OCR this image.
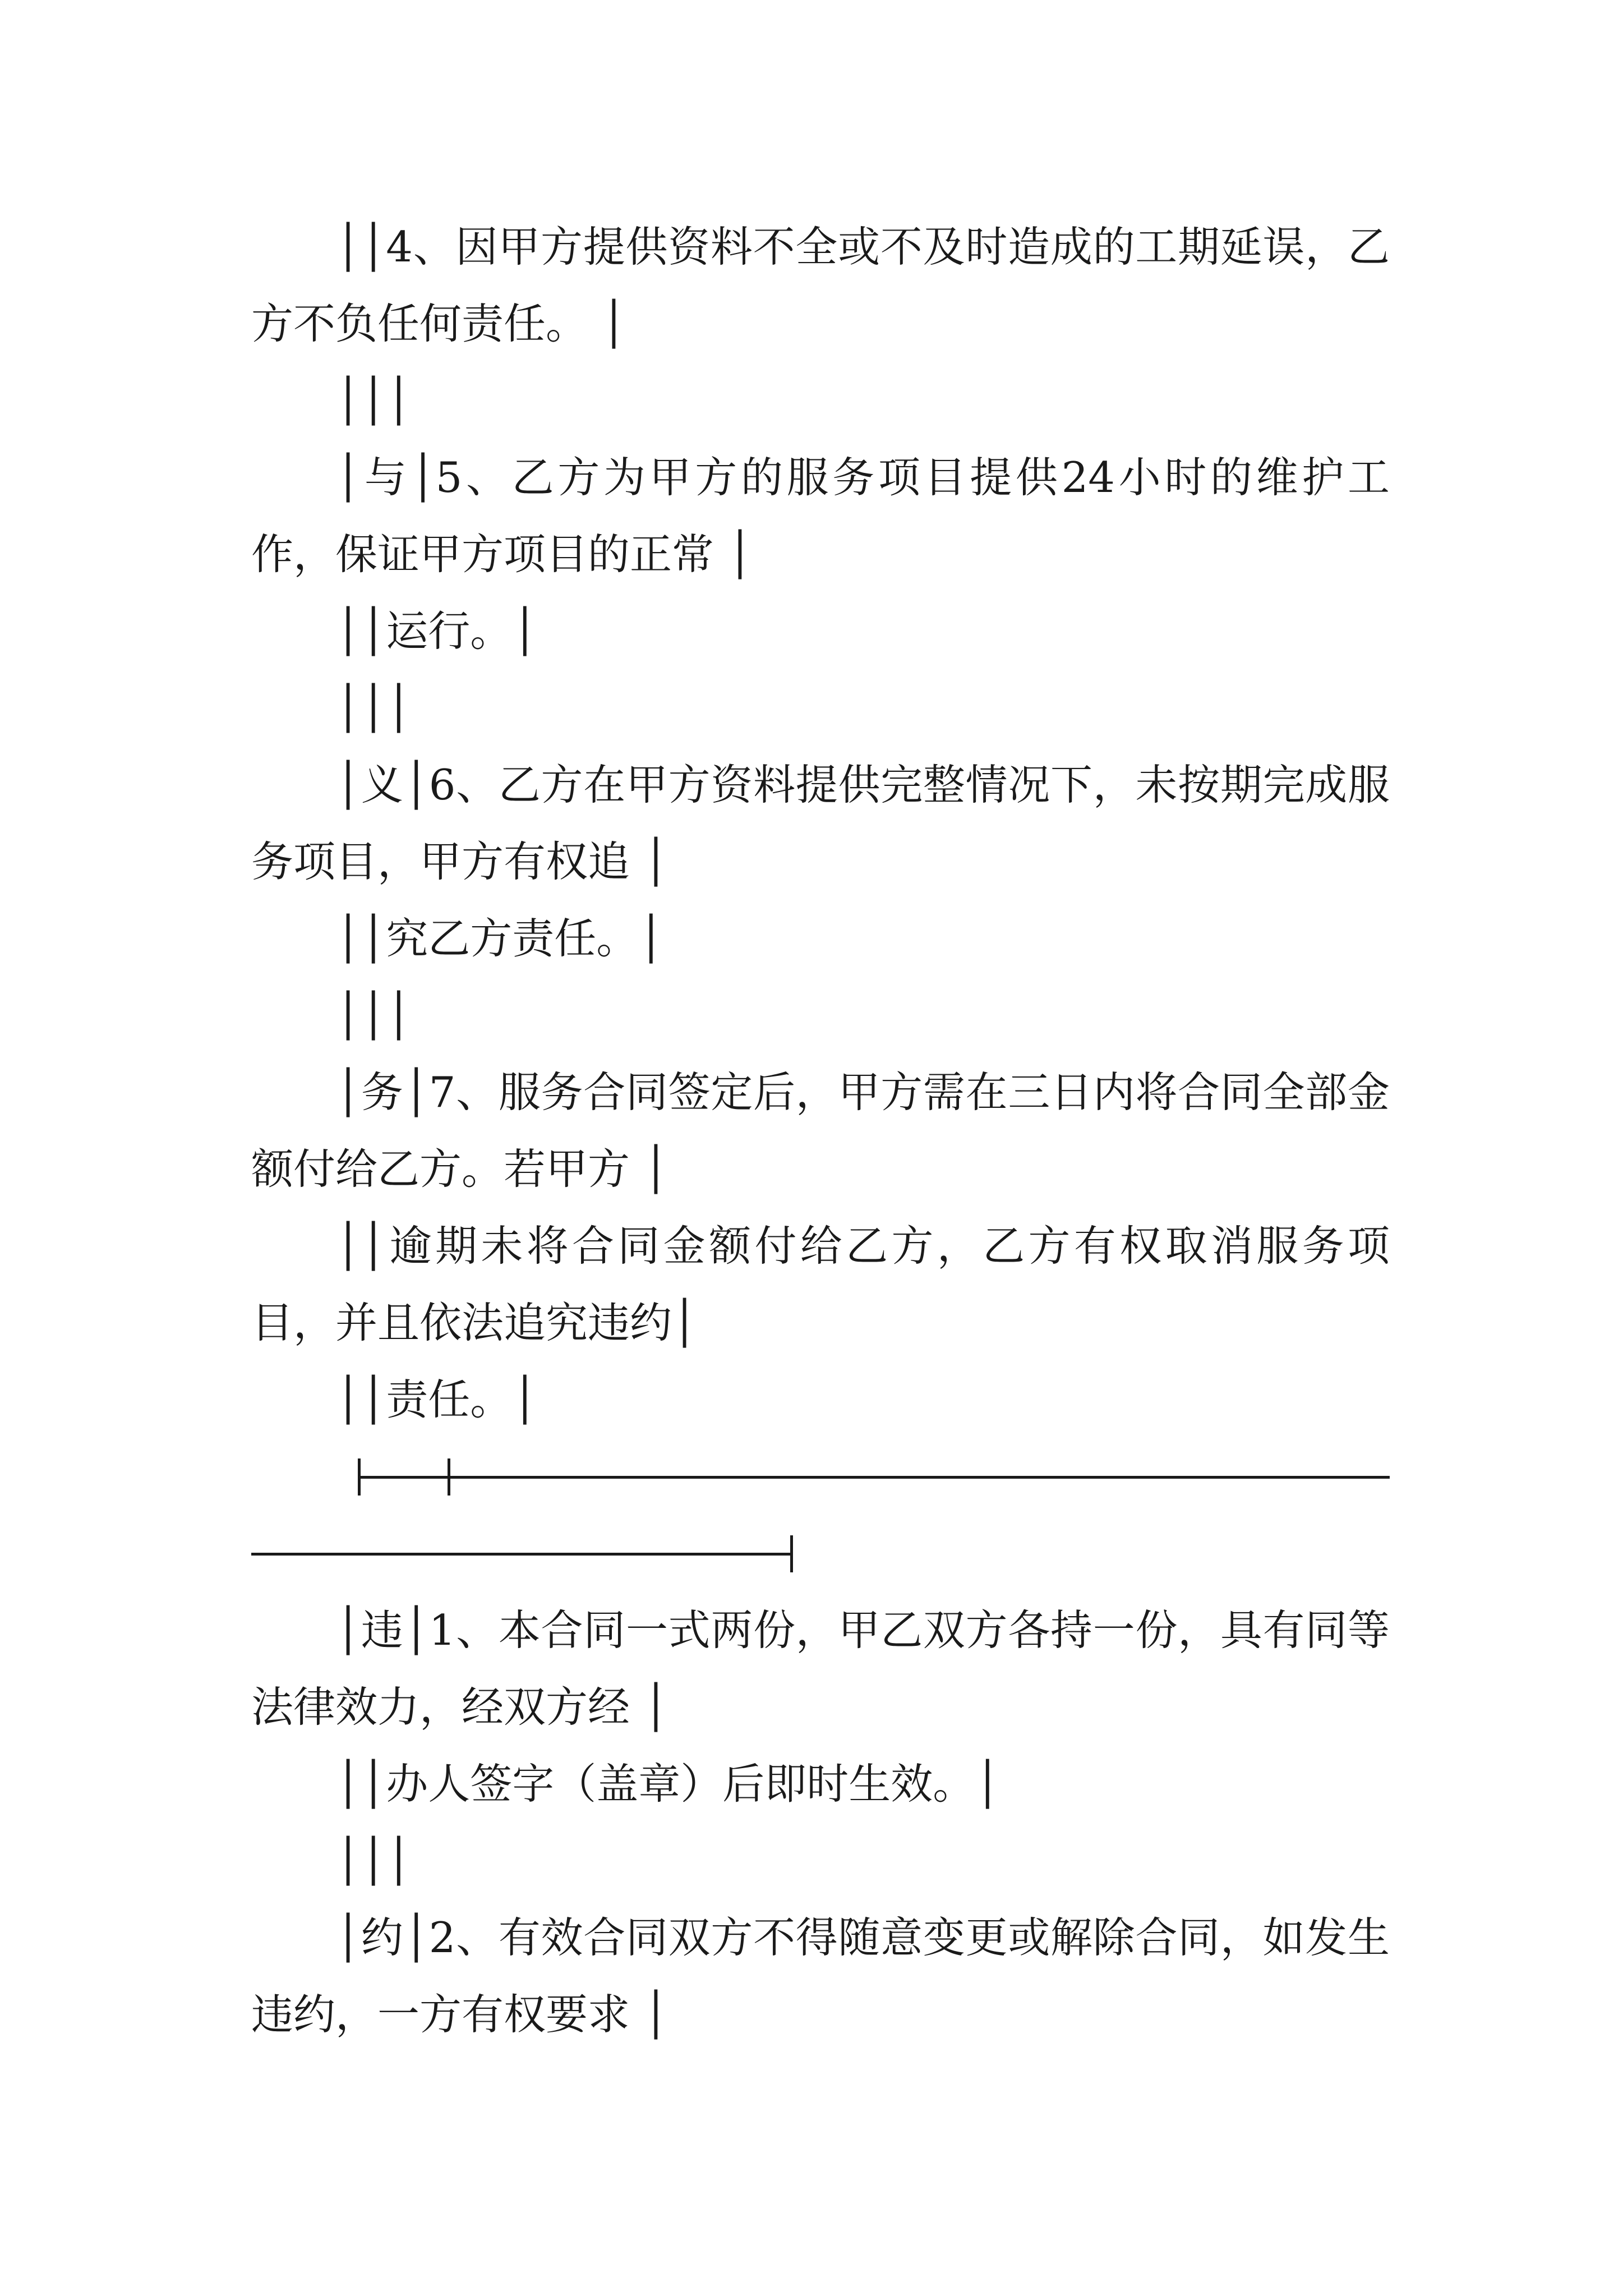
││4、因甲方提供资料不全或不及时造成的工期延误，乙方不负任何责任。 │

│││

│与│5、乙方为甲方的服务项目提供24小时的维护工作，保证甲方项目的正常 │

││运行。│

│││

│义│6、乙方在甲方资料提供完整情况下，未按期完成服务项目，甲方有权追 │

││究乙方责任。│

│││

│务│7、服务合同签定后，甲方需在三日内将合同全部金额付给乙方。若甲方 │

││逾期未将合同金额付给乙方，乙方有权取消服务项目，并且依法追究违约│

││责任。│

│违│1、本合同一式两份，甲乙双方各持一份，具有同等法律效力，经双方经 │

││办人签字（盖章）后即时生效。│

│││

│约│2、有效合同双方不得随意变更或解除合同，如发生违约，一方有权要求 │
